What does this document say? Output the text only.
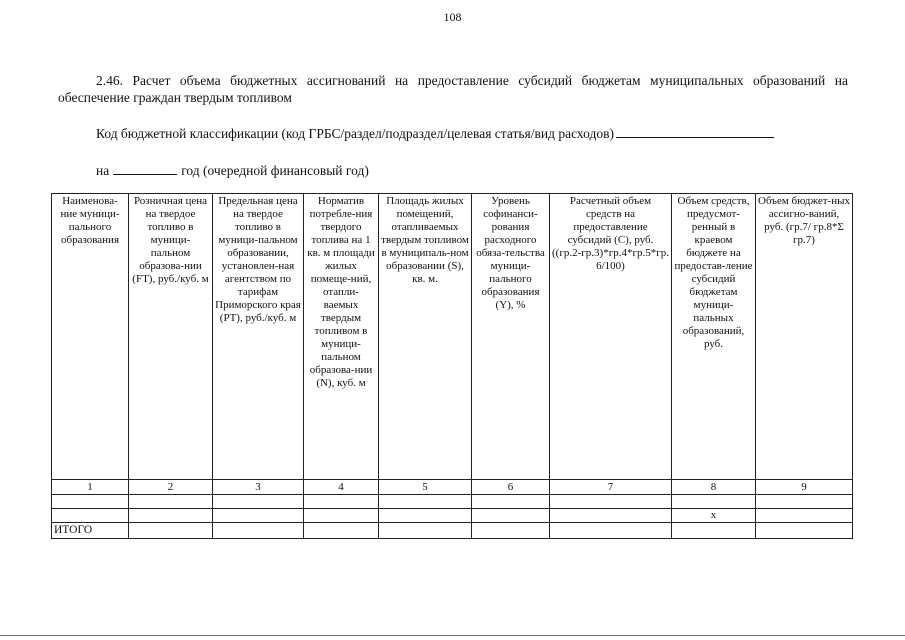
108
2.46. Расчет объема бюджетных ассигнований на предоставление субсидий бюджетам муниципальных образований на обеспечение граждан твердым топливом
Код бюджетной классификации (код ГРБС/раздел/подраздел/целевая статья/вид расходов)
на	год (очередной финансовый год)
Наименова-ние муници-пального образования	Розничная цена на твердое топливо в муници-пальном образова-нии (FT), руб./куб. м	Предельная цена на твердое топливо в муници-пальном образовании, установлен-ная агентством по тарифам Приморского края (PT), руб./куб. м	Норматив потребле-ния твердого топлива на 1 кв. м площади жилых помеще-ний, отапли-ваемых твердым топливом в муници-пальном образова-нии (N), куб. м	Площадь жилых помещений, отапливаемых твердым топливом в муниципаль-ном образовании (S), кв. м.	Уровень софинанси-рования расходного обяза-тельства муници-пального образования (Y), %	Расчетный объем средств на предоставление субсидий (С), руб. ((гр.2-гр.3)*гр.4*гр.5*гр. 6/100)	Объем средств, предусмот-ренный в краевом бюджете на предостав-ление субсидий бюджетам муници-пальных образований, руб.	Объем бюджет-ных ассигно-ваний, руб. (гр.7/ гр.8*Σ гр.7)
1	2	3	4	5	6	7	8	9

							х	
ИТОГО								
